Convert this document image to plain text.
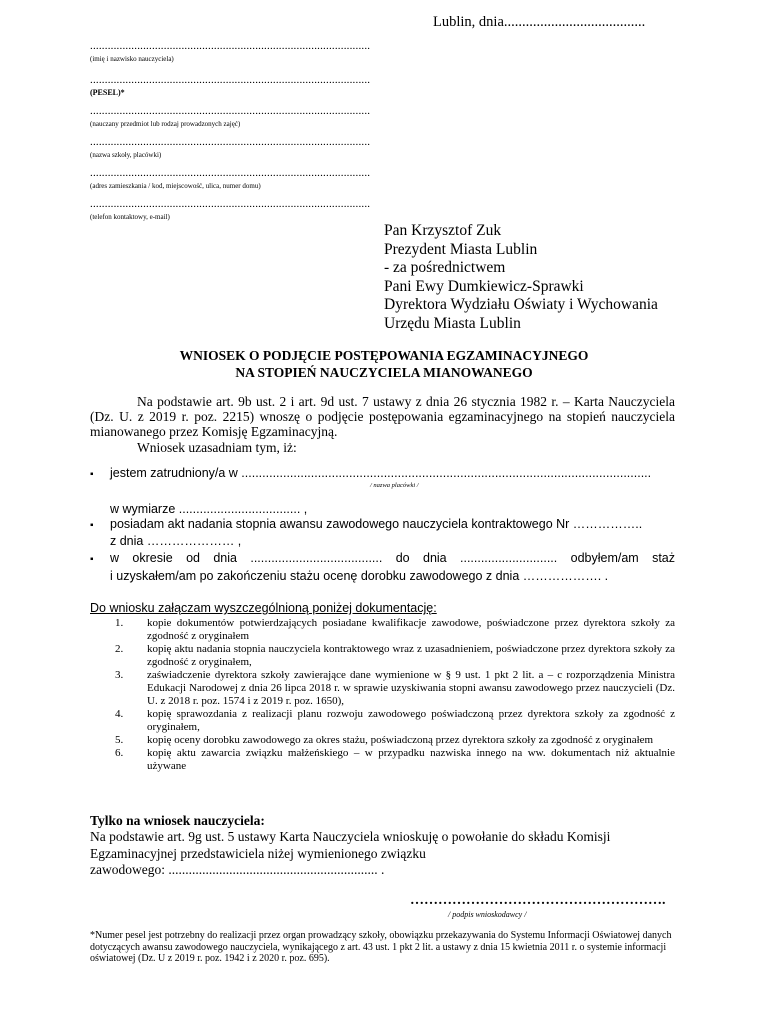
Lublin, dnia.......................................
...............................................................................................
(imię i nazwisko nauczyciela)
...............................................................................................
(PESEL)*
...............................................................................................
(nauczany przedmiot lub rodzaj prowadzonych zajęć)
...............................................................................................
(nazwa szkoły, placówki)
...............................................................................................
(adres zamieszkania / kod, miejscowość, ulica, numer domu)
...............................................................................................
(telefon kontaktowy, e-mail)
Pan Krzysztof Zuk
Prezydent Miasta Lublin
- za pośrednictwem
Pani Ewy Dumkiewicz-Sprawki
Dyrektora Wydziału Oświaty i Wychowania
Urzędu Miasta Lublin
WNIOSEK O PODJĘCIE POSTĘPOWANIA EGZAMINACYJNEGO
NA STOPIEŃ NAUCZYCIELA MIANOWANEGO
Na podstawie art. 9b ust. 2 i art. 9d ust. 7 ustawy z dnia 26 stycznia 1982 r. – Karta Nauczyciela (Dz. U. z 2019 r. poz. 2215) wnoszę o podjęcie postępowania egzaminacyjnego na stopień nauczyciela mianowanego przez Komisję Egzaminacyjną.
Wniosek uzasadniam tym, iż:
▪ jestem zatrudniony/a w ......................................................................................................................
/ nazwa placówki /
w wymiarze ................................... ,
▪ posiadam akt nadania stopnia awansu zawodowego nauczyciela kontraktowego Nr ……………..
z dnia ………………… ,
▪ w okresie od dnia ...................................... do dnia ............................ odbyłem/am staż
i uzyskałem/am po zakończeniu stażu ocenę dorobku zawodowego z dnia ………………. .
Do wniosku załączam wyszczególnioną poniżej dokumentację:
1.	kopie dokumentów potwierdzających posiadane kwalifikacje zawodowe, poświadczone przez dyrektora szkoły za zgodność z oryginałem
2.	kopię aktu nadania stopnia nauczyciela kontraktowego wraz z uzasadnieniem, poświadczone przez dyrektora szkoły za zgodność z oryginałem,
3.	zaświadczenie dyrektora szkoły zawierające dane wymienione w § 9 ust. 1 pkt 2 lit. a – c rozporządzenia Ministra Edukacji Narodowej z dnia 26 lipca 2018 r. w sprawie uzyskiwania stopni awansu zawodowego przez nauczycieli (Dz. U. z 2018 r. poz. 1574 i z 2019 r. poz. 1650),
4.	kopię sprawozdania z realizacji planu rozwoju zawodowego poświadczoną przez dyrektora szkoły za zgodność z oryginałem,
5.	kopię oceny dorobku zawodowego za okres stażu, poświadczoną przez dyrektora szkoły za zgodność z oryginałem
6.	kopię aktu zawarcia związku małżeńskiego – w przypadku nazwiska innego na ww. dokumentach niż aktualnie używane
Tylko na wniosek nauczyciela:
Na podstawie art. 9g ust. 5 ustawy Karta Nauczyciela wnioskuję o powołanie do składu Komisji
Egzaminacyjnej przedstawiciela niżej wymienionego związku
zawodowego: .............................................................. .
……………………………………………….
/ podpis wnioskodawcy /
*Numer pesel jest potrzebny do realizacji przez organ prowadzący szkoły, obowiązku przekazywania do Systemu Informacji Oświatowej danych dotyczących awansu zawodowego nauczyciela, wynikającego z art. 43 ust. 1 pkt 2 lit. a ustawy z dnia 15 kwietnia 2011 r. o systemie informacji oświatowej (Dz. U z 2019 r. poz. 1942 i z 2020 r. poz. 695).
